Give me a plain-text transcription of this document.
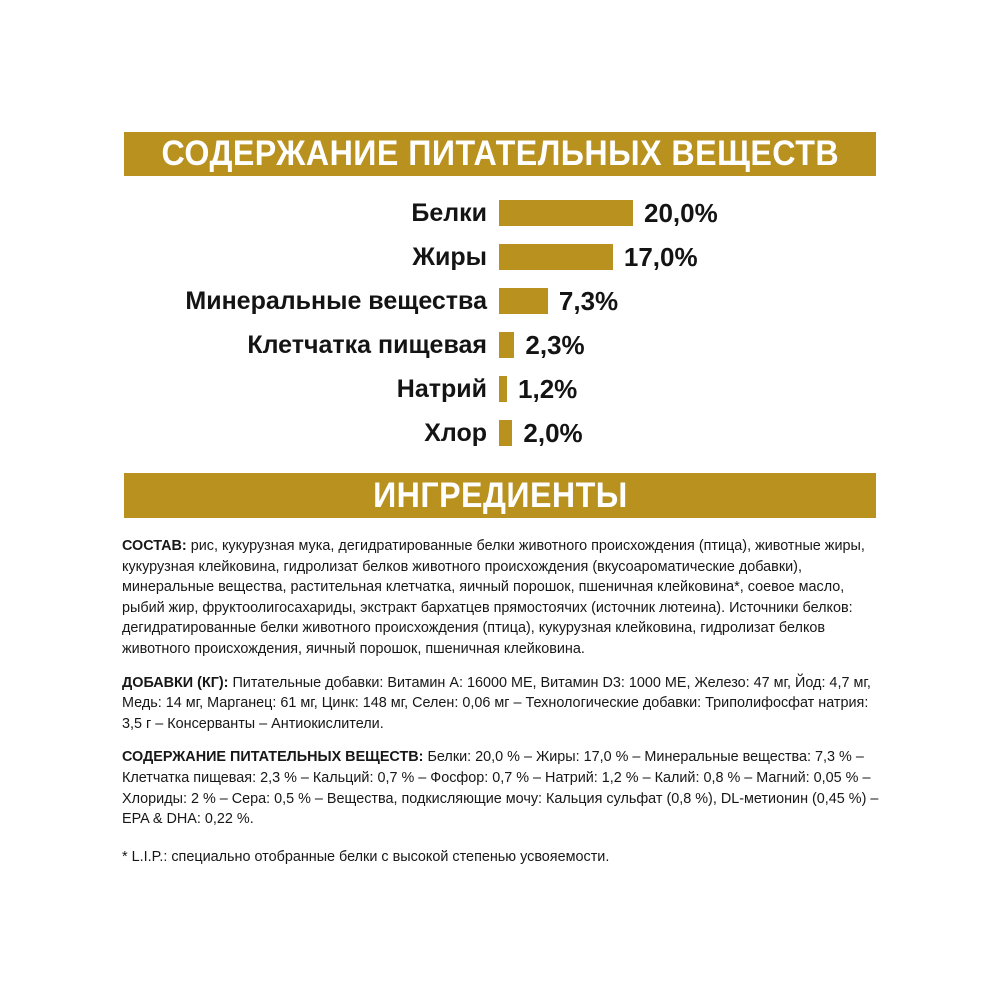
СОДЕРЖАНИЕ ПИТАТЕЛЬНЫХ ВЕЩЕСТВ
Белки	20,0%
Жиры	17,0%
Минеральные вещества	7,3%
Клетчатка пищевая 2,3%
Натрий 1,2%
Хлор 2,0%
ИНГРЕДИЕНТЫ

СОСТАВ: рис, кукурузная мука, дегидратированные белки животного происхождения (птица), животные жиры, кукурузная клейковина, гидролизат белков животного происхождения (вкусоароматические добавки), минеральные вещества, растительная клетчатка, яичный порошок, пшеничная клейковина*, соевое масло, рыбий жир, фруктоолигосахариды, экстракт бархатцев прямостоячих (источник лютеина). Источники белков: дегидратированные белки животного происхождения (птица), кукурузная клейковина, гидролизат белков животного происхождения, яичный порошок, пшеничная клейковина.

ДОБАВКИ (КГ): Питательные добавки: Витамин А: 16000 МЕ, Витамин D3: 1000 МЕ, Железо: 47 мг, Йод: 4,7 мг, Медь: 14 мг, Марганец: 61 мг, Цинк: 148 мг, Селен: 0,06 мг – Технологические добавки: Триполифосфат натрия: 3,5 г – Консерванты – Антиокислители.

СОДЕРЖАНИЕ ПИТАТЕЛЬНЫХ ВЕЩЕСТВ: Белки: 20,0 % – Жиры: 17,0 % – Минеральные вещества: 7,3 % – Клетчатка пищевая: 2,3 % – Кальций: 0,7 % – Фосфор: 0,7 % – Натрий: 1,2 % – Калий: 0,8 % – Магний: 0,05 % – Хлориды: 2 % – Сера: 0,5 % – Вещества, подкисляющие мочу: Кальция сульфат (0,8 %), DL-метионин (0,45 %) – EPA & DHA: 0,22 %.

* L.I.P.: специально отобранные белки с высокой степенью усвояемости.
